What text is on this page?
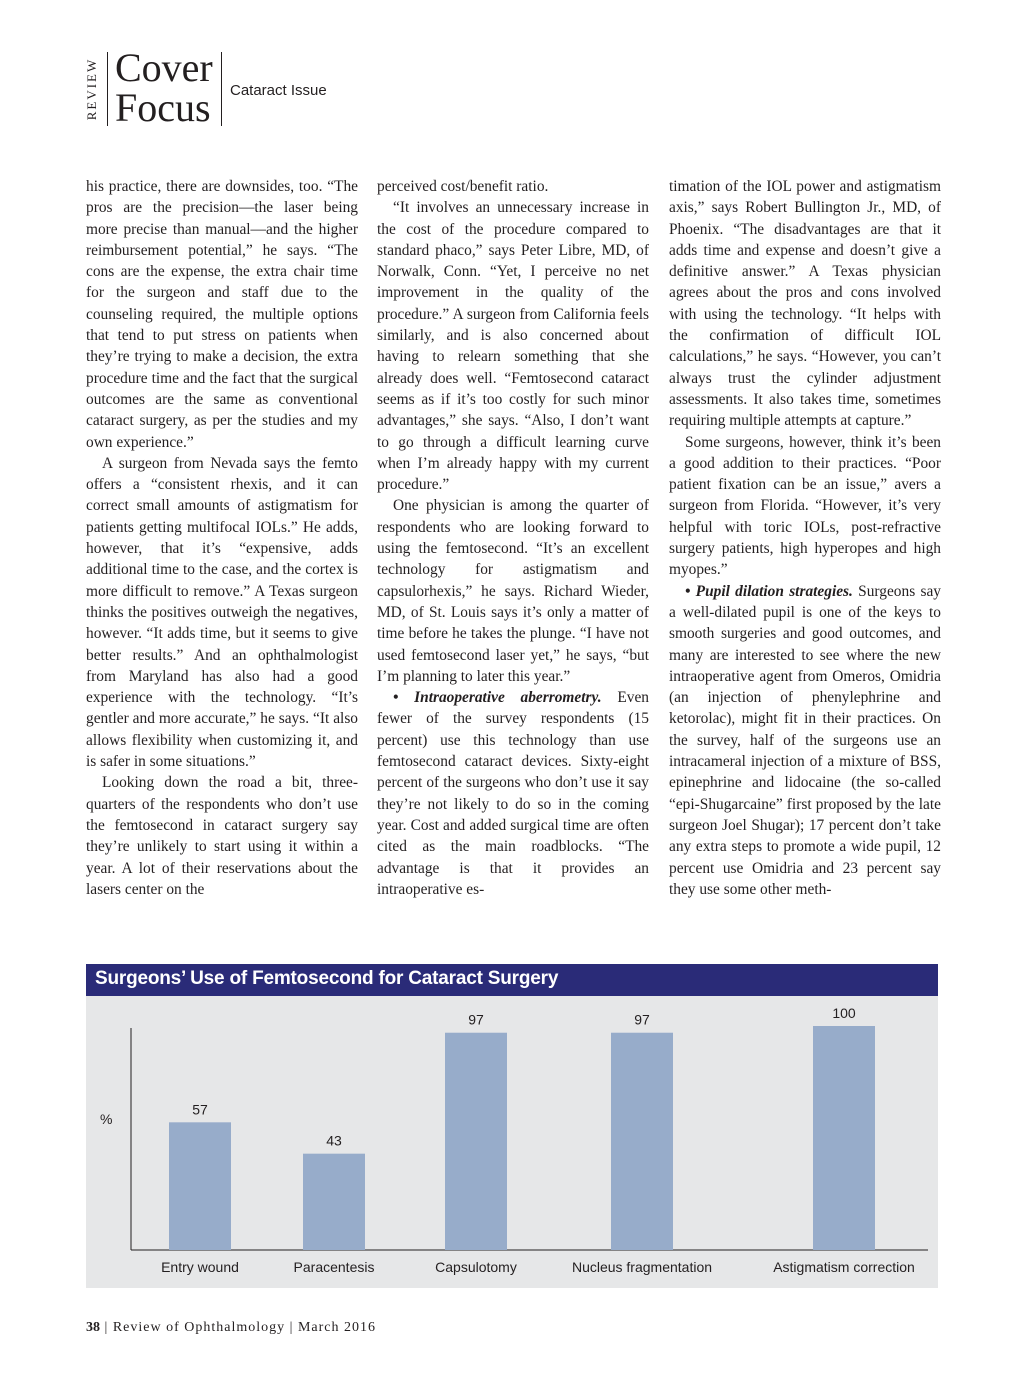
REVIEW Cover
Focus Cataract Issue

his practice, there are downsides, too. “The pros are the precision—the laser being more precise than manual—and the higher reimbursement potential,” he says. “The cons are the expense, the extra chair time for the surgeon and staff due to the counseling required, the multiple options that tend to put stress on patients when they’re trying to make a decision, the extra procedure time and the fact that the surgical outcomes are the same as conventional cataract surgery, as per the studies and my own experience.”

A surgeon from Nevada says the femto offers a “consistent rhexis, and it can correct small amounts of astigmatism for patients getting multifocal IOLs.” He adds, however, that it’s “expensive, adds additional time to the case, and the cortex is more difficult to remove.” A Texas surgeon thinks the positives outweigh the negatives, however. “It adds time, but it seems to give better results.” And an ophthalmologist from Maryland has also had a good experience with the technology. “It’s gentler and more accurate,” he says. “It also allows flexibility when customizing it, and is safer in some situations.”

Looking down the road a bit, three-quarters of the respondents who don’t use the femtosecond in cataract surgery say they’re unlikely to start using it within a year. A lot of their reservations about the lasers center on the

perceived cost/benefit ratio.

“It involves an unnecessary increase in the cost of the procedure compared to standard phaco,” says Peter Libre, MD, of Norwalk, Conn. “Yet, I perceive no net improvement in the quality of the procedure.” A surgeon from California feels similarly, and is also concerned about having to relearn something that she already does well. “Femtosecond cataract seems as if it’s too costly for such minor advantages,” she says. “Also, I don’t want to go through a difficult learning curve when I’m already happy with my current procedure.”

One physician is among the quarter of respondents who are looking forward to using the femtosecond. “It’s an excellent technology for astigmatism and capsulorhexis,” he says. Richard Wieder, MD, of St. Louis says it’s only a matter of time before he takes the plunge. “I have not used femtosecond laser yet,” he says, “but I’m planning to later this year.”

• Intraoperative aberrometry. Even fewer of the survey respondents (15 percent) use this technology than use femtosecond cataract devices. Sixty-eight percent of the surgeons who don’t use it say they’re not likely to do so in the coming year. Cost and added surgical time are often cited as the main roadblocks. “The advantage is that it provides an intraoperative es-

timation of the IOL power and astigmatism axis,” says Robert Bullington Jr., MD, of Phoenix. “The disadvantages are that it adds time and expense and doesn’t give a definitive answer.” A Texas physician agrees about the pros and cons involved with using the technology. “It helps with the confirmation of difficult IOL calculations,” he says. “However, you can’t always trust the cylinder adjustment assessments. It also takes time, sometimes requiring multiple attempts at capture.”

Some surgeons, however, think it’s been a good addition to their practices. “Poor patient fixation can be an issue,” avers a surgeon from Florida. “However, it’s very helpful with toric IOLs, post-refractive surgery patients, high hyperopes and high myopes.”

• Pupil dilation strategies. Surgeons say a well-dilated pupil is one of the keys to smooth surgeries and good outcomes, and many are interested to see where the new intraoperative agent from Omeros, Omidria (an injection of phenylephrine and ketorolac), might fit in their practices. On the survey, half of the surgeons use an intracameral injection of a mixture of BSS, epinephrine and lidocaine (the so-called “epi-Shugarcaine” first proposed by the late surgeon Joel Shugar); 17 percent don’t take any extra steps to promote a wide pupil, 12 percent use Omidria and 23 percent say they use some other meth-

Surgeons’ Use of Femtosecond for Cataract Surgery
%
57
Entry wound
43
Paracentesis
97
Capsulotomy
97
Nucleus fragmentation
100
Astigmatism correction
38 | Review of Ophthalmology | March 2016
